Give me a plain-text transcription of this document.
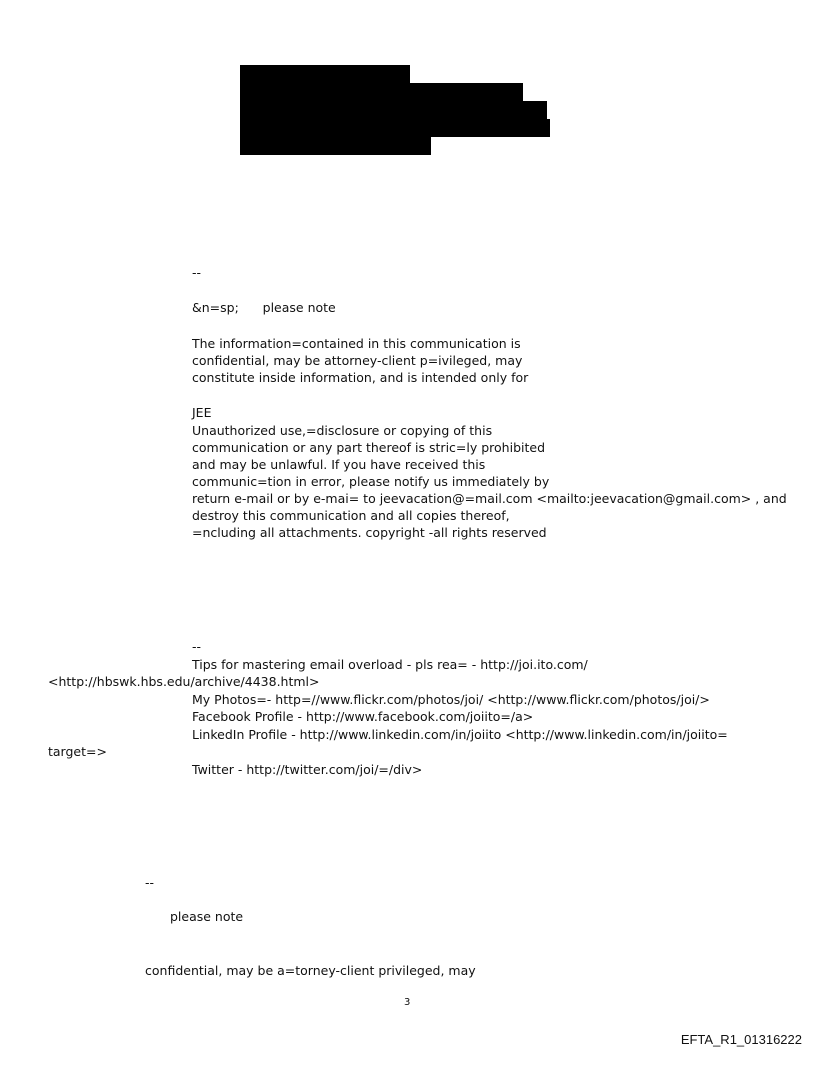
--
&n=sp;      please note
The information=contained in this communication is
confidential, may be attorney-client p=ivileged, may
constitute inside information, and is intended only for
JEE
Unauthorized use,=disclosure or copying of this
communication or any part thereof is stric=ly prohibited
and may be unlawful. If you have received this
communic=tion in error, please notify us immediately by
return e-mail or by e-mai= to jeevacation@=mail.com <mailto:jeevacation@gmail.com> , and
destroy this communication and all copies thereof,
=ncluding all attachments. copyright -all rights reserved
--
Tips for mastering email overload - pls rea= - http://joi.ito.com/
<http://hbswk.hbs.edu/archive/4438.html>
My Photos=- http=//www.flickr.com/photos/joi/ <http://www.flickr.com/photos/joi/>
Facebook Profile - http://www.facebook.com/joiito=/a>
LinkedIn Profile - http://www.linkedin.com/in/joiito <http://www.linkedin.com/in/joiito=
target=>
Twitter - http://twitter.com/joi/=/div>
--
please note
confidential, may be a=torney-client privileged, may
3
EFTA_R1_01316222
